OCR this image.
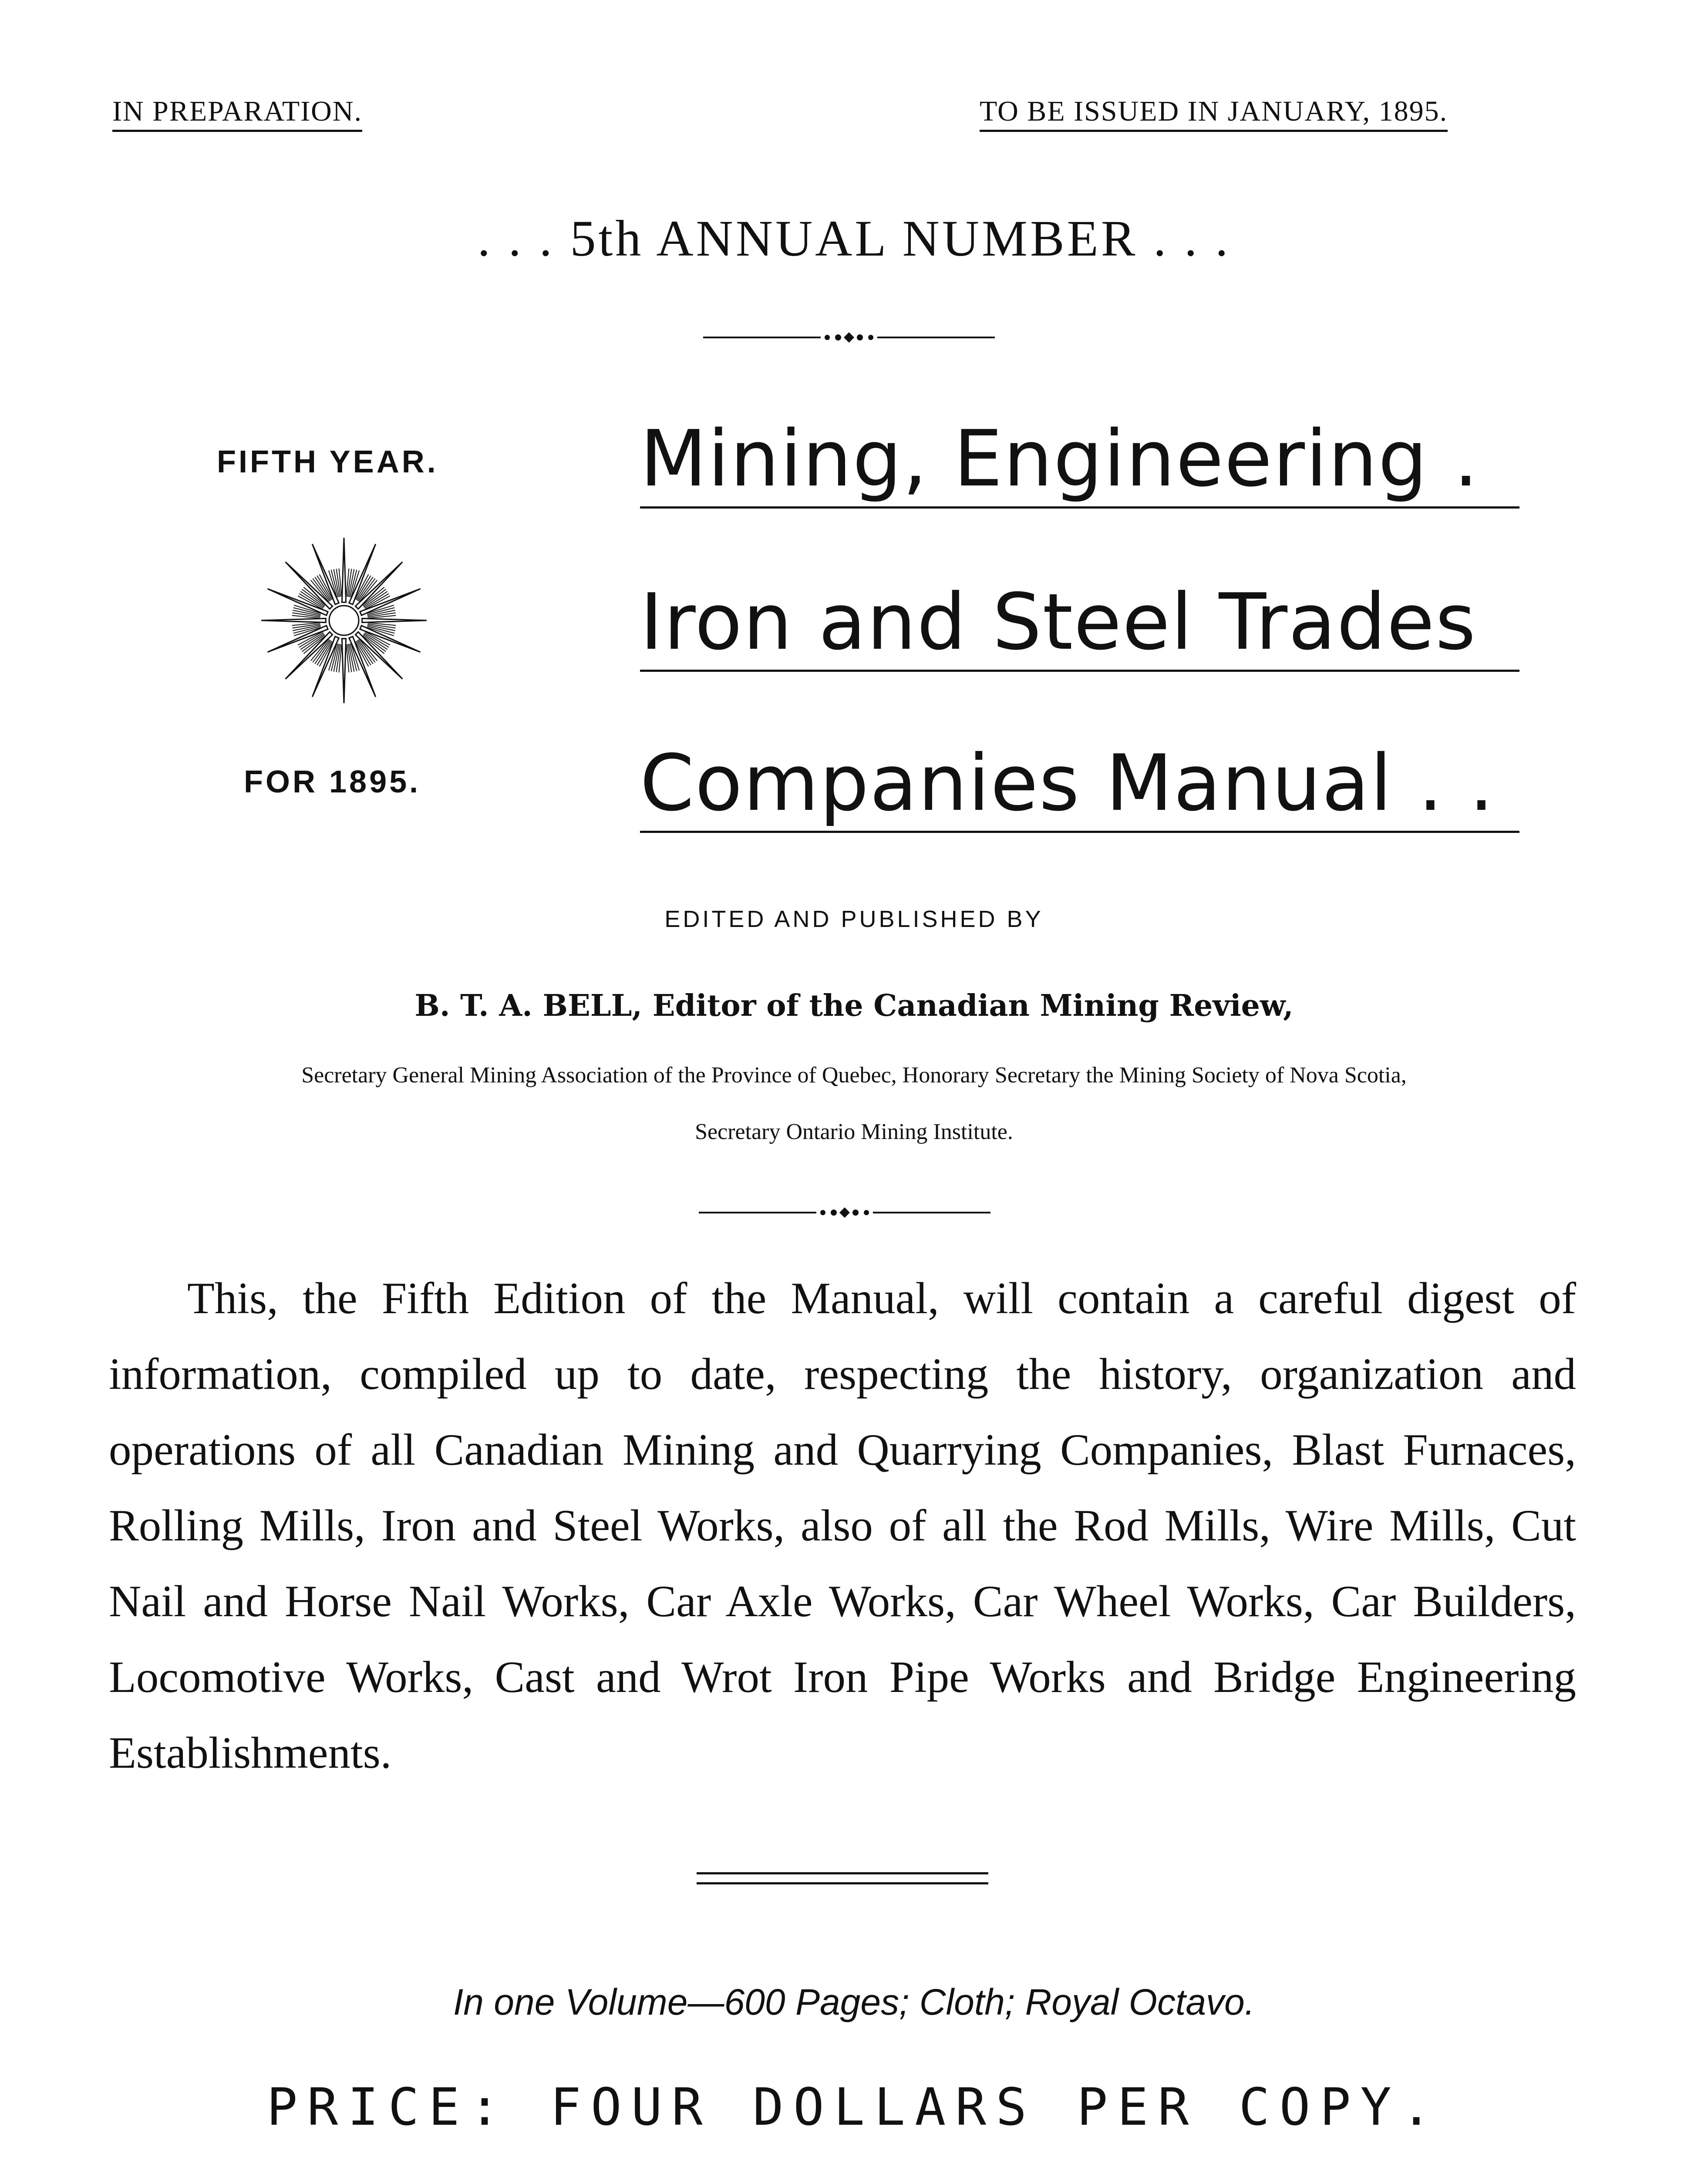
IN PREPARATION.	TO BE ISSUED IN JANUARY, 1895.
. . . 5th ANNUAL NUMBER . . .
FIFTH YEAR.
FOR 1895.
Mining, Engineering .
Iron and Steel Trades
Companies Manual . .
EDITED AND PUBLISHED BY
B. T. A. BELL, Editor of the Canadian Mining Review,
Secretary General Mining Association of the Province of Quebec, Honorary Secretary the Mining Society of Nova Scotia,
Secretary Ontario Mining Institute.
This, the Fifth Edition of the Manual, will contain a careful digest of information, compiled up to date, respecting the history, organization and operations of all Canadian Mining and Quarrying Companies, Blast Furnaces, Rolling Mills, Iron and Steel Works, also of all the Rod Mills, Wire Mills, Cut Nail and Horse Nail Works, Car Axle Works, Car Wheel Works, Car Builders, Locomotive Works, Cast and Wrot Iron Pipe Works and Bridge Engineering Establishments.
In one Volume—600 Pages; Cloth; Royal Octavo.
PRICE: FOUR DOLLARS PER COPY.
